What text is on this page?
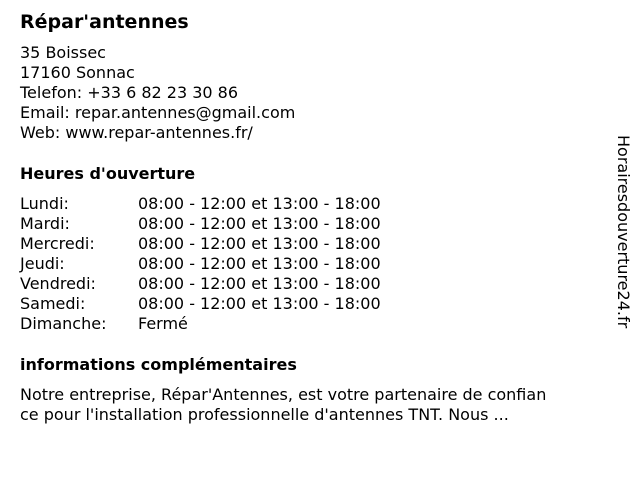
Répar'antennes
35 Boissec
17160 Sonnac
Telefon: +33 6 82 23 30 86
Email: repar.antennes@gmail.com
Web: www.repar-antennes.fr/
Heures d'ouverture
Lundi:	08:00 - 12:00 et 13:00 - 18:00
Mardi:	08:00 - 12:00 et 13:00 - 18:00
Mercredi:	08:00 - 12:00 et 13:00 - 18:00
Jeudi:	08:00 - 12:00 et 13:00 - 18:00
Vendredi:	08:00 - 12:00 et 13:00 - 18:00
Samedi:	08:00 - 12:00 et 13:00 - 18:00
Dimanche:	Fermé
informations complémentaires
Notre entreprise, Répar'Antennes, est votre partenaire de confian
ce pour l'installation professionnelle d'antennes TNT. Nous ...
Horairesdouverture24.fr
